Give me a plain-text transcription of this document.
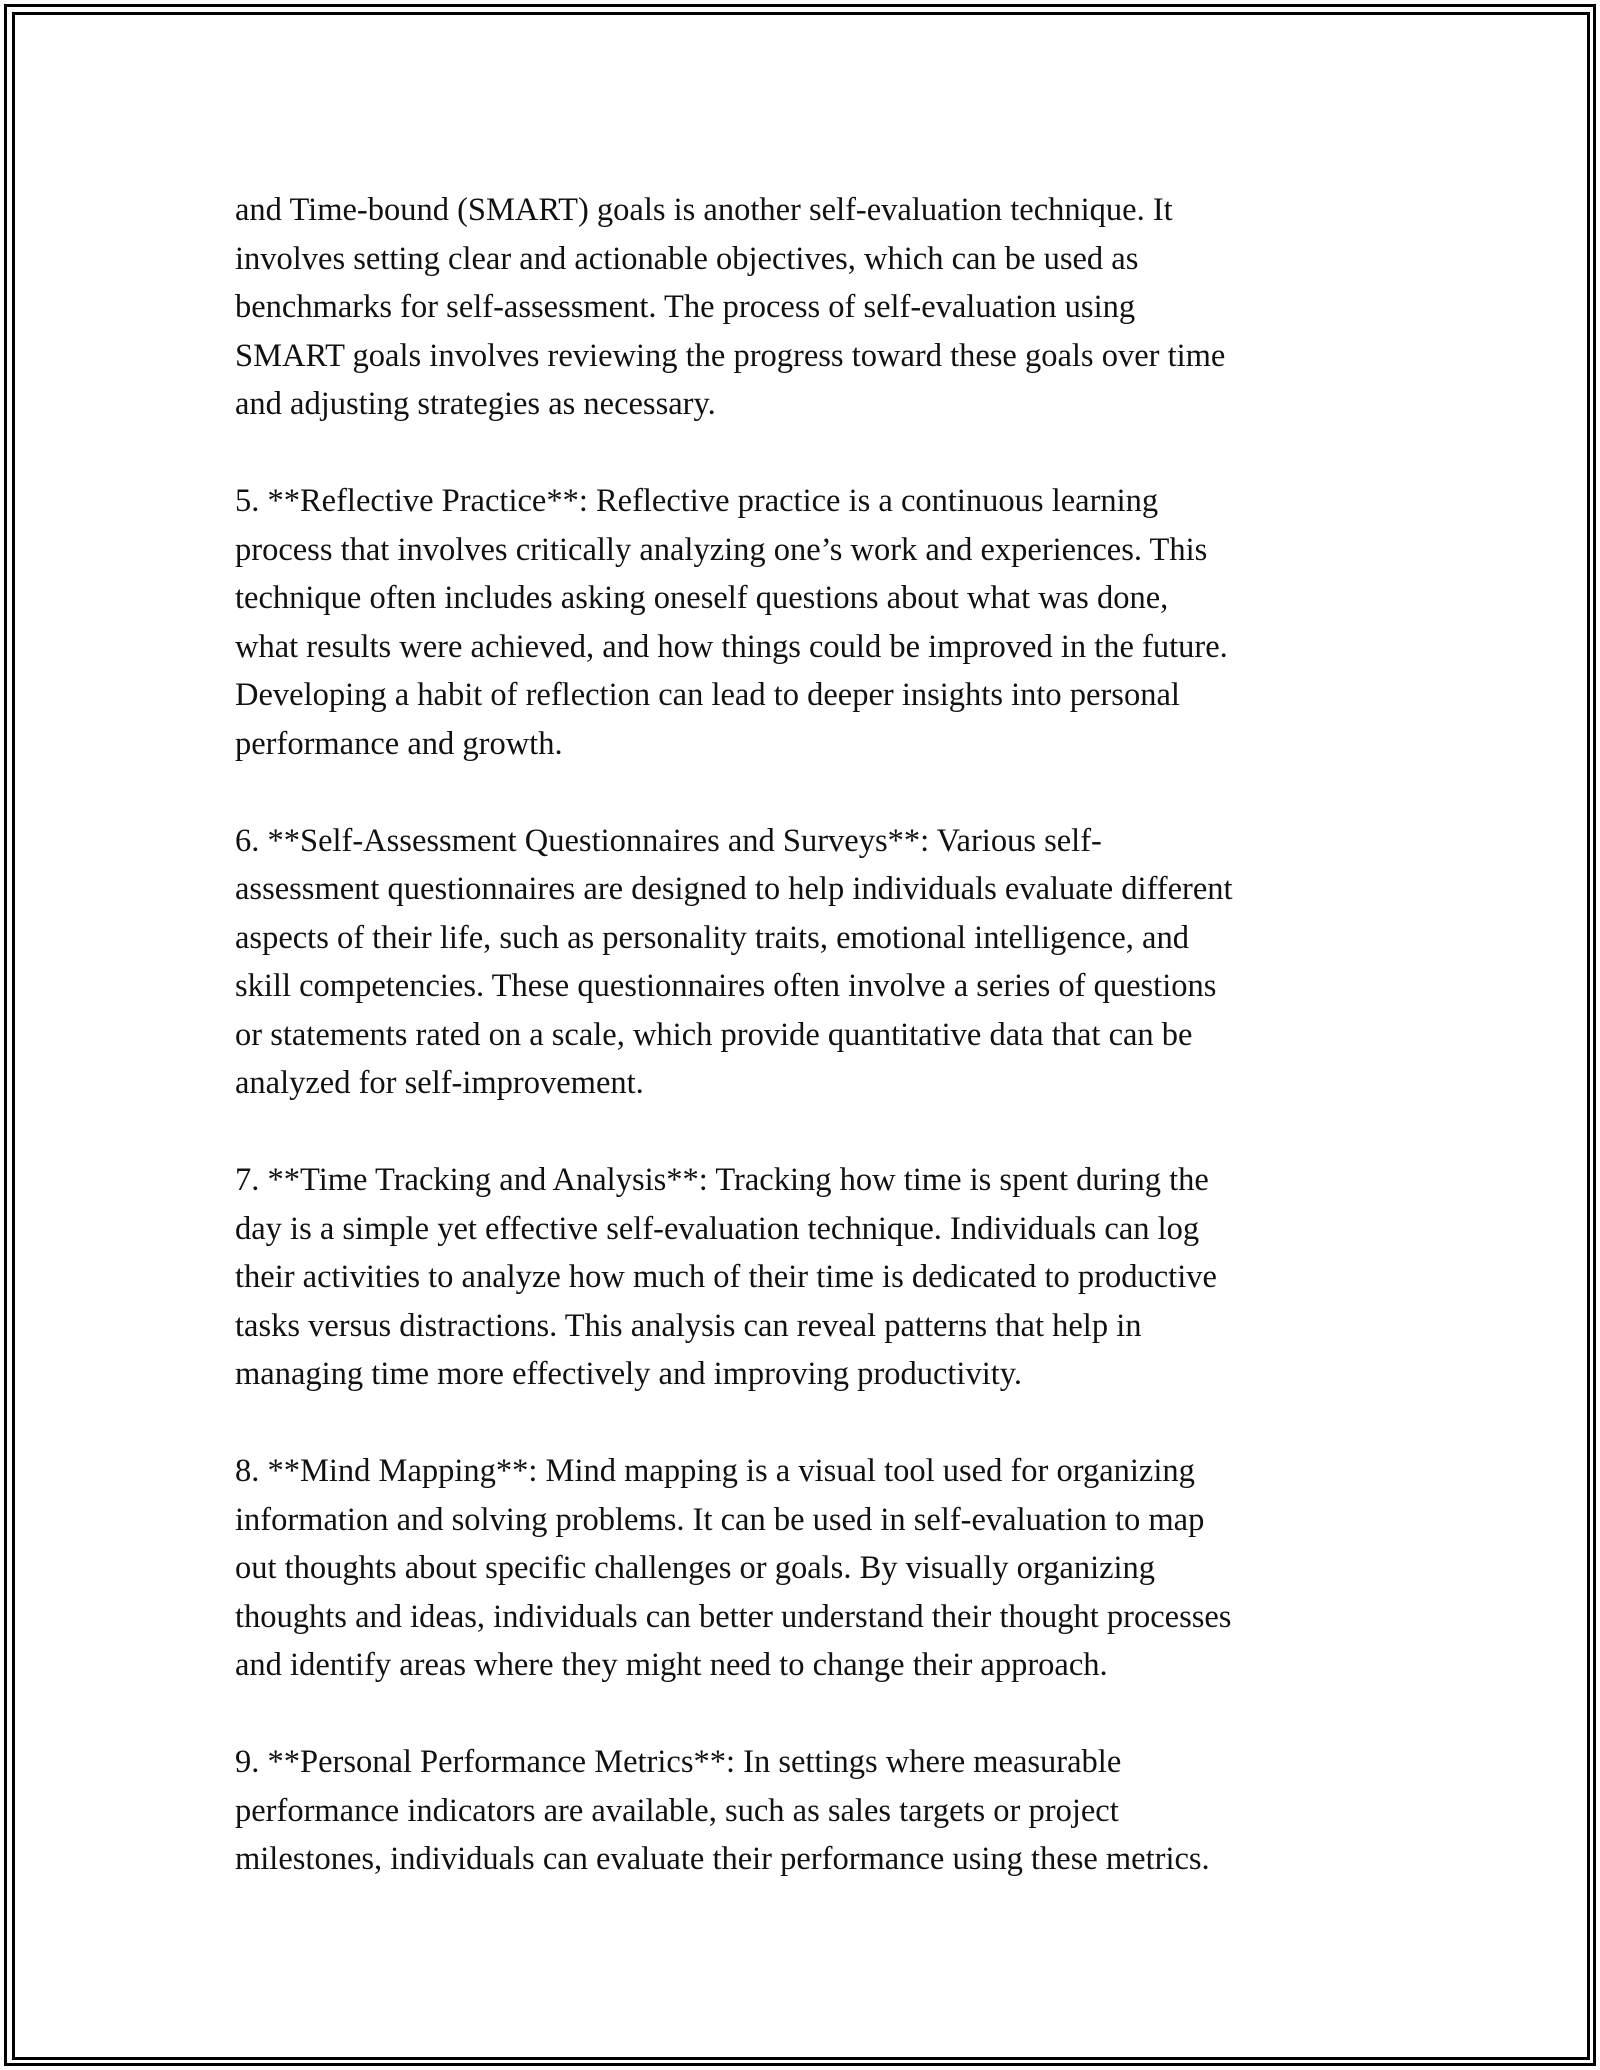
and Time-bound (SMART) goals is another self-evaluation technique. It
involves setting clear and actionable objectives, which can be used as
benchmarks for self-assessment. The process of self-evaluation using
SMART goals involves reviewing the progress toward these goals over time
and adjusting strategies as necessary.

5. **Reflective Practice**: Reflective practice is a continuous learning
process that involves critically analyzing one’s work and experiences. This
technique often includes asking oneself questions about what was done,
what results were achieved, and how things could be improved in the future.
Developing a habit of reflection can lead to deeper insights into personal
performance and growth.

6. **Self-Assessment Questionnaires and Surveys**: Various self-
assessment questionnaires are designed to help individuals evaluate different
aspects of their life, such as personality traits, emotional intelligence, and
skill competencies. These questionnaires often involve a series of questions
or statements rated on a scale, which provide quantitative data that can be
analyzed for self-improvement.

7. **Time Tracking and Analysis**: Tracking how time is spent during the
day is a simple yet effective self-evaluation technique. Individuals can log
their activities to analyze how much of their time is dedicated to productive
tasks versus distractions. This analysis can reveal patterns that help in
managing time more effectively and improving productivity.

8. **Mind Mapping**: Mind mapping is a visual tool used for organizing
information and solving problems. It can be used in self-evaluation to map
out thoughts about specific challenges or goals. By visually organizing
thoughts and ideas, individuals can better understand their thought processes
and identify areas where they might need to change their approach.

9. **Personal Performance Metrics**: In settings where measurable
performance indicators are available, such as sales targets or project
milestones, individuals can evaluate their performance using these metrics.
